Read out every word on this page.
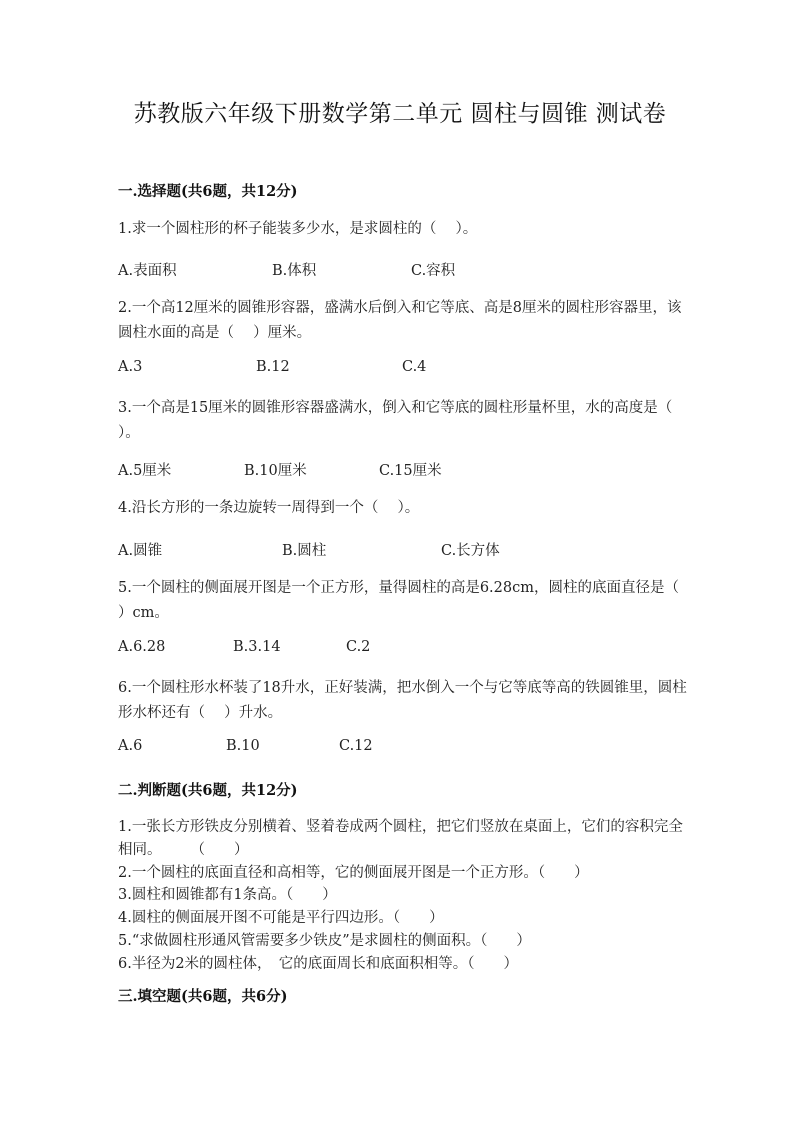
苏教版六年级下册数学第二单元 圆柱与圆锥 测试卷
一.选择题(共6题，共12分)
1.求一个圆柱形的杯子能装多少水，是求圆柱的（　 ）。
A.表面积	B.体积	C.容积
2.一个高12厘米的圆锥形容器，盛满水后倒入和它等底、高是8厘米的圆柱形容器里，该圆柱水面的高是（　 ）厘米。
A.3	B.12	C.4
3.一个高是15厘米的圆锥形容器盛满水，倒入和它等底的圆柱形量杯里，水的高度是（　 ）。
A.5厘米	B.10厘米	C.15厘米
4.沿长方形的一条边旋转一周得到一个（　 ）。
A.圆锥	B.圆柱	C.长方体
5.一个圆柱的侧面展开图是一个正方形，量得圆柱的高是6.28cm，圆柱的底面直径是（　 ）cm。
A.6.28	B.3.14	C.2
6.一个圆柱形水杯装了18升水，正好装满，把水倒入一个与它等底等高的铁圆锥里，圆柱形水杯还有（　 ）升水。
A.6	B.10	C.12
二.判断题(共6题，共12分)
1.一张长方形铁皮分别横着、竖着卷成两个圆柱，把它们竖放在桌面上，它们的容积完全相同。　　　（　　）
2.一个圆柱的底面直径和高相等，它的侧面展开图是一个正方形。（　　）
3.圆柱和圆锥都有1条高。（　　）
4.圆柱的侧面展开图不可能是平行四边形。（　　）
5.“求做圆柱形通风管需要多少铁皮”是求圆柱的侧面积。（　　）
6.半径为2米的圆柱体，　它的底面周长和底面积相等。（　　）
三.填空题(共6题，共6分)
